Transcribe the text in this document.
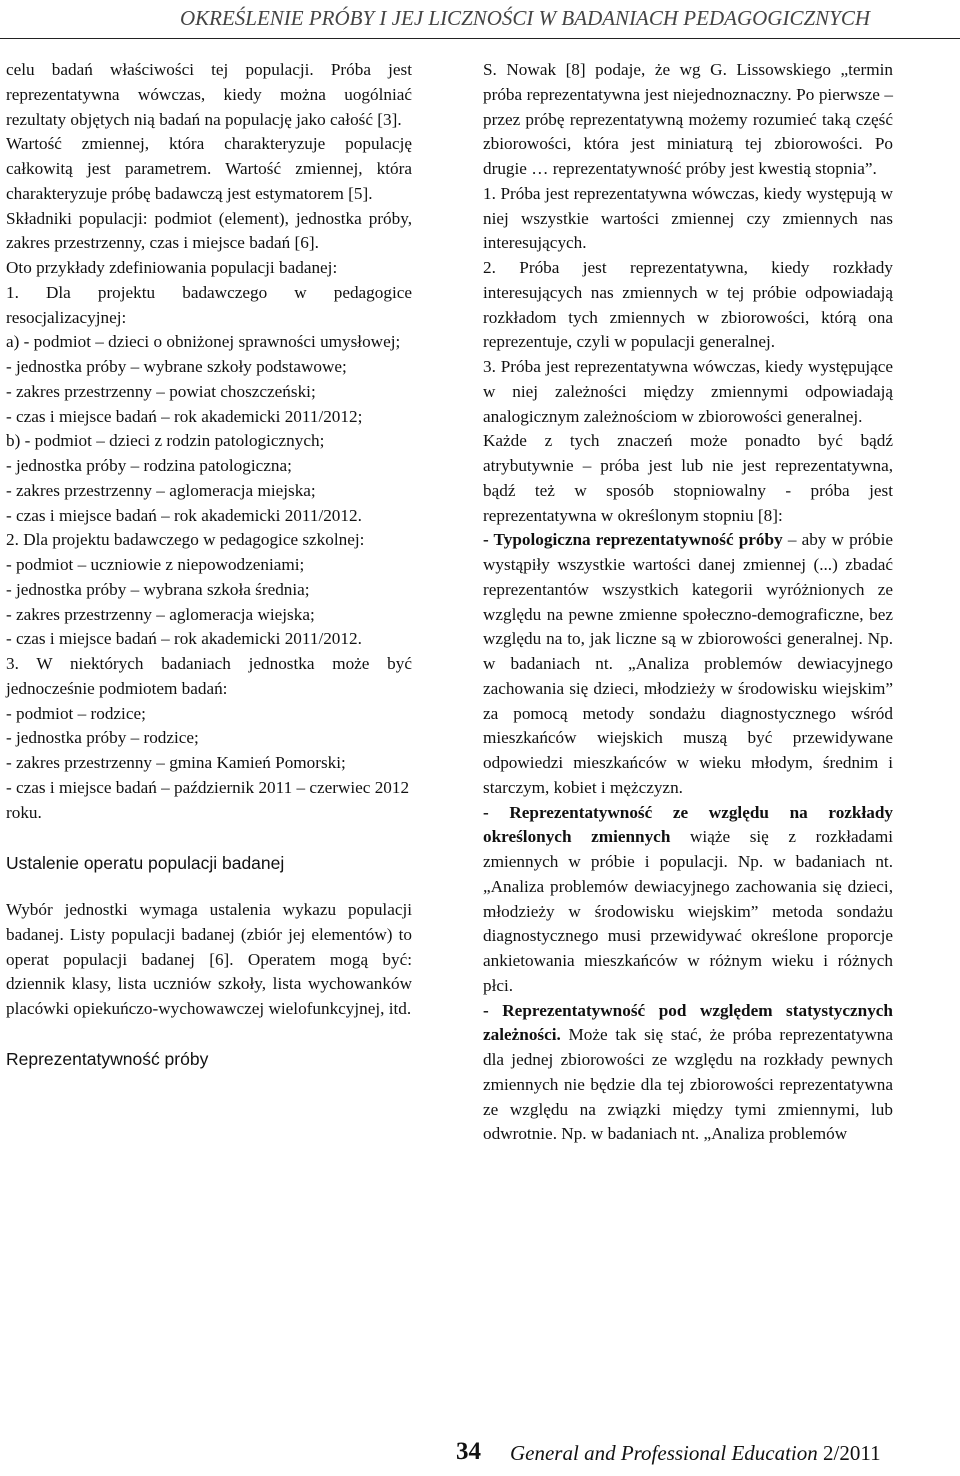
OKREŚLENIE PRÓBY I JEJ LICZNOŚCI W BADANIACH PEDAGOGICZNYCH

celu badań właściwości tej populacji. Próba jest reprezentatywna wówczas, kiedy można uogólniać rezultaty objętych nią badań na populację jako całość [3].

Wartość zmiennej, która charakteryzuje populację całkowitą jest parametrem. Wartość zmiennej, która charakteryzuje próbę badawczą jest estymatorem [5].

Składniki populacji: podmiot (element), jednostka próby, zakres przestrzenny, czas i miejsce badań [6].

Oto przykłady zdefiniowania populacji badanej:

1. Dla projektu badawczego w pedagogice resocjalizacyjnej:

a) - podmiot – dzieci o obniżonej sprawności umysłowej;

- jednostka próby – wybrane szkoły podstawowe;

- zakres przestrzenny – powiat choszczeński;

- czas i miejsce badań – rok akademicki 2011/2012;

b) - podmiot – dzieci z rodzin patologicznych;

- jednostka próby – rodzina patologiczna;

- zakres przestrzenny – aglomeracja miejska;

- czas i miejsce badań – rok akademicki 2011/2012.

2. Dla projektu badawczego w pedagogice szkolnej:

- podmiot – uczniowie z niepowodzeniami;

- jednostka próby – wybrana szkoła średnia;

- zakres przestrzenny – aglomeracja wiejska;

- czas i miejsce badań – rok akademicki 2011/2012.

3. W niektórych badaniach jednostka może być jednocześnie podmiotem badań:

- podmiot – rodzice;

- jednostka próby – rodzice;

- zakres przestrzenny – gmina Kamień Pomorski;

- czas i miejsce badań – październik 2011 – czerwiec 2012 roku.

Ustalenie operatu populacji badanej

Wybór jednostki wymaga ustalenia wykazu populacji badanej. Listy populacji badanej (zbiór jej elementów) to operat populacji badanej [6]. Operatem mogą być: dziennik klasy, lista uczniów szkoły, lista wychowanków placówki opiekuńczo-wychowawczej wielofunkcyjnej, itd.

Reprezentatywność próby

S. Nowak [8] podaje, że wg G. Lissowskiego „termin próba reprezentatywna jest niejednoznaczny. Po pierwsze – przez próbę reprezentatywną możemy rozumieć taką część zbiorowości, która jest miniaturą tej zbiorowości. Po drugie … reprezentatywność próby jest kwestią stopnia”.

1. Próba jest reprezentatywna wówczas, kiedy występują w niej wszystkie wartości zmiennej czy zmiennych nas interesujących.

2. Próba jest reprezentatywna, kiedy rozkłady interesujących nas zmiennych w tej próbie odpowiadają rozkładom tych zmiennych w zbiorowości, którą ona reprezentuje, czyli w populacji generalnej.

3. Próba jest reprezentatywna wówczas, kiedy występujące w niej zależności między zmiennymi odpowiadają analogicznym zależnościom w zbiorowości generalnej.

Każde z tych znaczeń może ponadto być bądź atrybutywnie – próba jest lub nie jest reprezentatywna, bądź też w sposób stopniowalny - próba jest reprezentatywna w określonym stopniu [8]:

- Typologiczna reprezentatywność próby – aby w próbie wystąpiły wszystkie wartości danej zmiennej (...) zbadać reprezentantów wszystkich kategorii wyróżnionych ze względu na pewne zmienne społeczno-demograficzne, bez względu na to, jak liczne są w zbiorowości generalnej. Np. w badaniach nt. „Analiza problemów dewiacyjnego zachowania się dzieci, młodzieży w środowisku wiejskim” za pomocą metody sondażu diagnostycznego wśród mieszkańców wiejskich muszą być przewidywane odpowiedzi mieszkańców w wieku młodym, średnim i starczym, kobiet i mężczyzn.

- Reprezentatywność ze względu na rozkłady określonych zmiennych wiąże się z rozkładami zmiennych w próbie i populacji. Np. w badaniach nt. „Analiza problemów dewiacyjnego zachowania się dzieci, młodzieży w środowisku wiejskim” metoda sondażu diagnostycznego musi przewidywać określone proporcje ankietowania mieszkańców w różnym wieku i różnych płci.

- Reprezentatywność pod względem statystycznych zależności. Może tak się stać, że próba reprezentatywna dla jednej zbiorowości ze względu na rozkłady pewnych zmiennych nie będzie dla tej zbiorowości reprezentatywna ze względu na związki między tymi zmiennymi, lub odwrotnie. Np. w badaniach nt. „Analiza problemów

34 General and Professional Education 2/2011
